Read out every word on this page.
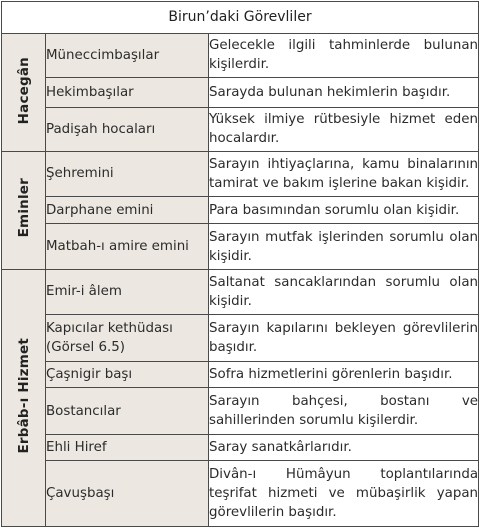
Birun’daki Görevliler		
Hacegân	Müneccimbaşılar	Gelecekle ilgili tahminlerde bulunan kişilerdir.
	Hekimbaşılar	Sarayda bulunan hekimlerin başıdır.
	Padişah hocaları	Yüksek ilmiye rütbesiyle hizmet eden hocalardır.
Eminler	Şehremini	Sarayın ihtiyaçlarına, kamu binalarının tamirat ve bakım işlerine bakan kişidir.
	Darphane emini	Para basımından sorumlu olan kişidir.
	Matbah-ı amire emini	Sarayın mutfak işlerinden sorumlu olan kişidir.
Erbâb-ı Hizmet	Emir-i âlem	Saltanat sancaklarından sorumlu olan kişidir.
	Kapıcılar kethüdası (Görsel 6.5)	Sarayın kapılarını bekleyen görevlilerin başıdır.
	Çaşnigir başı	Sofra hizmetlerini görenlerin başıdır.
	Bostancılar	Sarayın bahçesi, bostanı ve sahillerinden sorumlu kişilerdir.
	Ehli Hiref	Saray sanatkârlarıdır.
	Çavuşbaşı	Divân-ı Hümâyun toplantılarında teşrifat hizmeti ve mübaşirlik yapan görevlilerin başıdır.
